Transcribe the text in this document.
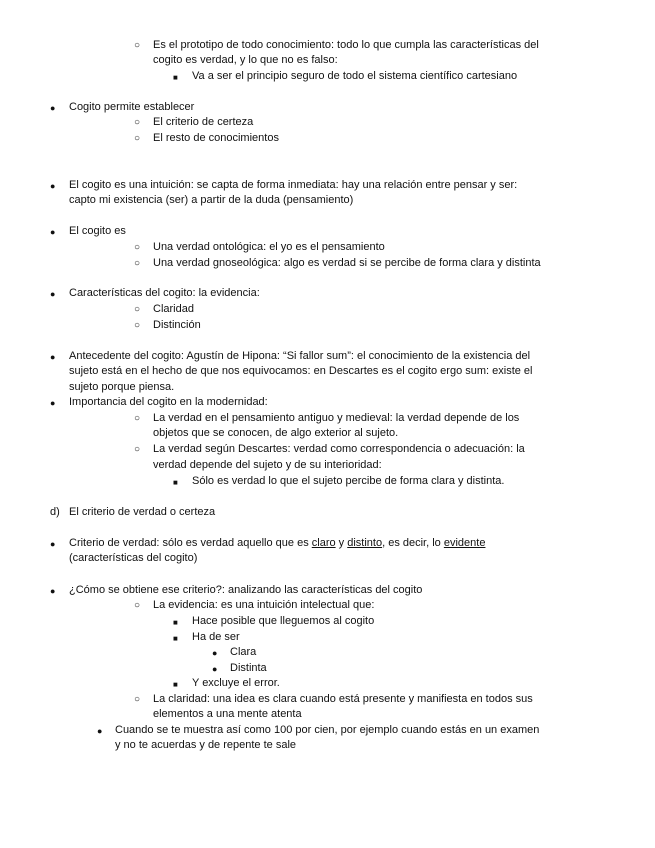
○ Es el prototipo de todo conocimiento: todo lo que cumpla las características del
cogito es verdad, y lo que no es falso:
■ Va a ser el principio seguro de todo el sistema científico cartesiano
● Cogito permite establecer
○ El criterio de certeza
○ El resto de conocimientos
● El cogito es una intuición: se capta de forma inmediata: hay una relación entre pensar y ser:
capto mi existencia (ser) a partir de la duda (pensamiento)
● El cogito es
○ Una verdad ontológica: el yo es el pensamiento
○ Una verdad gnoseológica: algo es verdad si se percibe de forma clara y distinta
● Características del cogito: la evidencia:
○ Claridad
○ Distinción
● Antecedente del cogito: Agustín de Hipona: “Si fallor sum”: el conocimiento de la existencia del
sujeto está en el hecho de que nos equivocamos: en Descartes es el cogito ergo sum: existe el
sujeto porque piensa.
● Importancia del cogito en la modernidad:
○ La verdad en el pensamiento antiguo y medieval: la verdad depende de los
objetos que se conocen, de algo exterior al sujeto.
○ La verdad según Descartes: verdad como correspondencia o adecuación: la
verdad depende del sujeto y de su interioridad:
■ Sólo es verdad lo que el sujeto percibe de forma clara y distinta.
d) El criterio de verdad o certeza
● Criterio de verdad: sólo es verdad aquello que es claro y distinto, es decir, lo evidente
(características del cogito)
● ¿Cómo se obtiene ese criterio?: analizando las características del cogito
○ La evidencia: es una intuición intelectual que:
■ Hace posible que lleguemos al cogito
■ Ha de ser
● Clara
● Distinta
■ Y excluye el error.
○ La claridad: una idea es clara cuando está presente y manifiesta en todos sus
elementos a una mente atenta
● Cuando se te muestra así como 100 por cien, por ejemplo cuando estás en un examen
y no te acuerdas y de repente te sale
